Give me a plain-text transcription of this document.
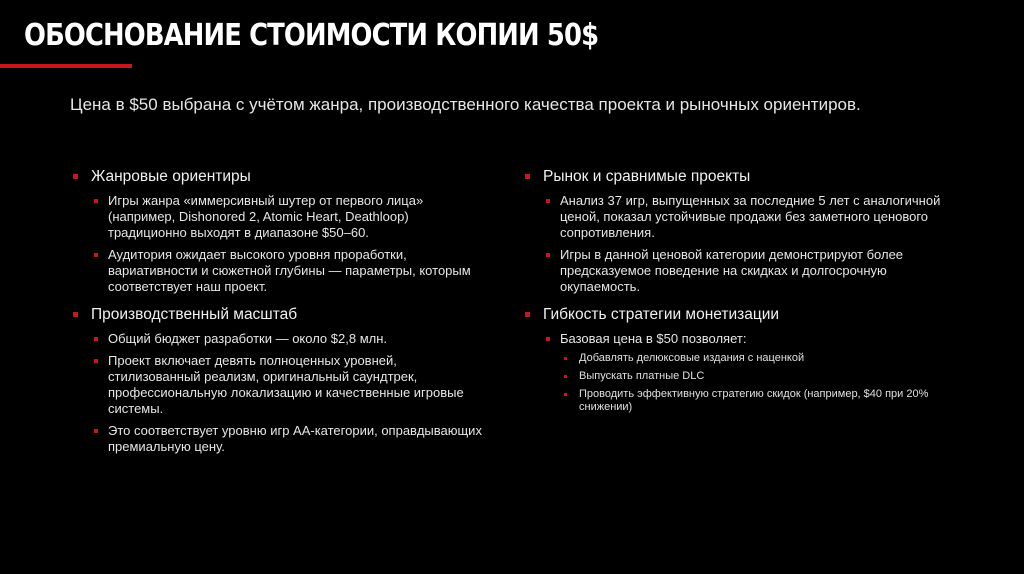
ОБОСНОВАНИЕ СТОИМОСТИ КОПИИ 50$

Цена в $50 выбрана с учётом жанра, производственного качества проекта и рыночных ориентиров.

Жанровые ориентиры
Игры жанра «иммерсивный шутер от первого лица» (например, Dishonored 2, Atomic Heart, Deathloop) традиционно выходят в диапазоне $50–60.
Аудитория ожидает высокого уровня проработки, вариативности и сюжетной глубины — параметры, которым соответствует наш проект.
Производственный масштаб
Общий бюджет разработки — около $2,8 млн.
Проект включает девять полноценных уровней, стилизованный реализм, оригинальный саундтрек, профессиональную локализацию и качественные игровые системы.
Это соответствует уровню игр AA-категории, оправдывающих премиальную цену.
Рынок и сравнимые проекты
Анализ 37 игр, выпущенных за последние 5 лет с аналогичной ценой, показал устойчивые продажи без заметного ценового сопротивления.
Игры в данной ценовой категории демонстрируют более предсказуемое поведение на скидках и долгосрочную окупаемость.
Гибкость стратегии монетизации
Базовая цена в $50 позволяет:
Добавлять делюксовые издания с наценкой
Выпускать платные DLC
Проводить эффективную стратегию скидок (например, $40 при 20% снижении)
